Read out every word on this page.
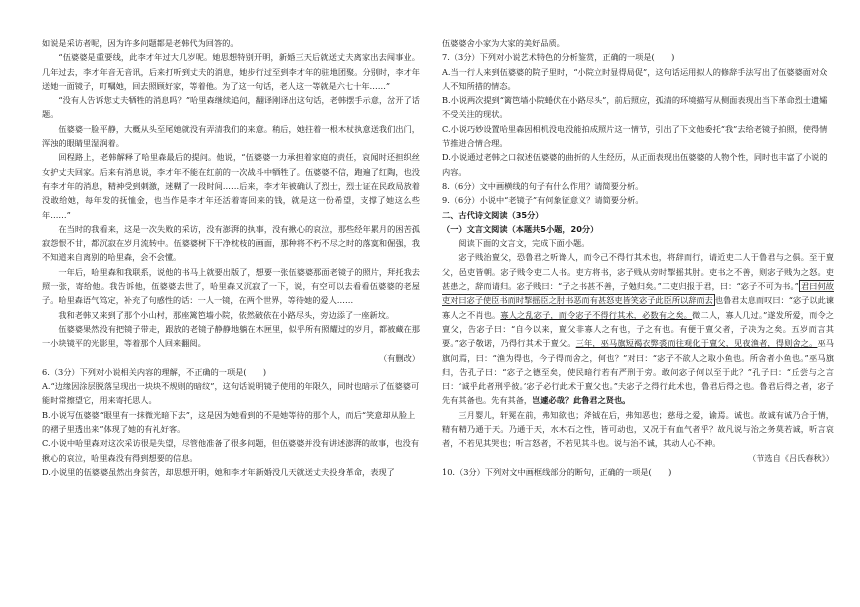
如说是采访者呢，因为许多问题都是老韩代为回答的。

“伍婆婆是重要线，此李才年过大几岁呢。她思想特别开明，新婚三天后就送丈夫离家出去闯事业。几年过去，李才年音无音讯，后来打听到丈夫的消息，她步行过至到李才年的驻地团聚。分别时，李才年送她一面镜子，叮嘱她，回去照顾好家，等着他。为了这一句话，老人这一等就是六七十年……”

“没有人告诉您丈夫牺牲的消息吗？”哈里森继续追问，翻译刚译出这句话，老韩摆手示意，岔开了话题。

伍婆婆一脸平静，大概从头至尾她就没有弄清我们的来意。稍后，她拄着一根木杖执意送我们出门，浑浊的眼睛里湿润着。

回程路上，老韩解释了哈里森最后的提问。他说，“伍婆婆一力承担着家庭的责任，哀闻时还担织丝女护丈夫回家。后来有消息说，李才年不能在红前的一次战斗中牺牲了。伍婆婆不信，跑遍了红陶，也没有李才年的消息，精神受到刺激，迷糊了一段时间……后来，李才年被确认了烈士，烈士证在民政局放着没敢给她，每年发的抚恤金，也当作是李才年还活着寄回来的钱，就是这一份希望，支撑了她这么些年……”

在当时的我看来，这是一次失败的采访，没有澎湃的执事，没有揪心的哀泣，那些经年累月的困苦孤寂怨恨不甘，都沉寂在岁月流转中。伍婆婆树下干净枕枝的画面，那种将不朽不尽之时的落寞和倔强，我不知道来自离别的哈里森，会不会懂。

一年后，哈里森和我联系，说他的书马上就要出版了，想要一张伍婆婆那面老镜子的照片，拜托我去照一张，寄给他。我告诉他，伍婆婆去世了，哈里森又沉寂了一下，说，有空可以去看看伍婆婆的老屋子。哈里森语气笃定，补充了句感性的话：一人一镜，在两个世界，等待她的爱人……

我和老韩又来到了那个小山村，那座篱笆墙小院，依然破依在小路尽头，旁边添了一座新坟。

伍婆婆果然没有把镜子带走，跟放的老镜子静静地躺在木匣里，似乎所有照耀过的岁月，都被藏在那一小块镜平的光影里，等着那个人回来翻阅。

（有删改）

6.（3分）下列对小说相关内容的理解，不正确的一项是(　　)

A.“边缘因涂层脱落呈现出一块块不规则的暗纹”，这句话说明镜子使用的年限久，同时也暗示了伍婆婆可能时常擦望它，用来寄托思人。

B.小说写伍婆婆“眼里有一抹微光暗下去”，这是因为她看到的不是她等待的那个人，而后“笑意却从脸上的褶子里透出来”体现了她的有礼好客。

C.小说中哈里森对这次采访很是失望，尽管他准备了很多问题，但伍婆婆并没有讲述澎湃的故事，也没有揪心的哀泣，哈里森没有得到想要的信息。

D.小说里的伍婆婆虽然出身贫苦，却思想开明，她和李才年新婚没几天就送丈夫投身革命，表现了

伍婆婆舍小家为大家的美好品质。

7.（3分）下列对小说艺术特色的分析鉴赏，正确的一项是(　　)

A.当一行人来到伍婆婆的院子里时，“小院立时显得局促”，这句话运用拟人的修辞手法写出了伍婆婆面对众人不知所措的情态。

B.小说两次提到“篱笆墙小院蜷伏在小路尽头”，前后照应，孤清的环境描写从侧面表现出当下革命烈士遗孀不受关注的现状。

C.小说巧妙设置哈里森因相机没电没能拍成照片这一情节，引出了下文他委托“我”去给老镜子拍照，使得情节推进合情合理。

D.小说通过老韩之口叙述伍婆婆的曲折的人生经历，从正面表现出伍婆婆的人物个性，同时也丰富了小说的内容。

8.（6分）文中画横线的句子有什么作用？请简要分析。

9.（6分）小说中“老镜子”有何象征意义？请简要分析。

二、古代诗文阅读（35分）

（一）文言文阅读（本题共5小题，20分）

阅读下面的文言文，完成下面小题。

宓子贱治亶父，恐鲁君之听谗人，而令己不得行其术也，将辞而行，请近吏二人于鲁君与之俱。至于亶父，邑吏皆朝。宓子贱令吏二人书。吏方将书，宓子贱从旁时掣摇其肘。吏书之不善，则宓子贱为之怒。吏甚患之，辞而请归。宓子贱曰：“子之书甚不善，子勉归矣。”二吏归报于君，曰：“宓子不可为书。” 君曰何故吏对曰宓子使臣书而时掣摇臣之肘书恶而有甚怒吏皆笑宓子此臣所以辞而去 也鲁君太息而叹曰：“宓子以此谏寡人之不肖也。寡人之乱宓子，而令宓子不得行其术，必数有之矣。微二人，寡人几过。”遂发所爱，而令之亶父，告宓子曰：“自今以来，亶父非寡人之有也，子之有也。有便于亶父者，子决为之矣。五岁而言其要。”宓子敬诺，乃得行其术于亶父。三年，巫马旗短褐衣弊裘而往观化于亶父，见夜渔者，得则舍之。巫马旗问焉，曰：“渔为得也，今子得而舍之，何也？”对曰：“宓子不欲人之取小鱼也。所舍者小鱼也。”巫马旗归，告孔子曰：“宓子之德至矣，使民暗行若有严刑于旁。敢问宓子何以至于此？”孔子曰：“丘尝与之言曰：‘诚乎此者刑乎彼。’宓子必行此术于亶父也。”夫宓子之得行此术也，鲁君后得之也。鲁君后得之者，宓子先有其备也。先有其备，岂遽必哉？此鲁君之贤也。

三月婴儿，轩冕在前，弗知欲也；斧钺在后，弗知恶也；慈母之爱，谕焉。诚也。故诚有诚乃合于情，精有精乃通于天。乃通于天，水木石之性，皆可动也，又况于有血气者乎？故凡说与治之务莫若诚，听言哀者，不若见其哭也；听言怒者，不若见其斗也。说与治不诚，其动人心不神。

（节选自《吕氏春秋》）

10.（3分）下列对文中画框线部分的断句，正确的一项是(　　)
